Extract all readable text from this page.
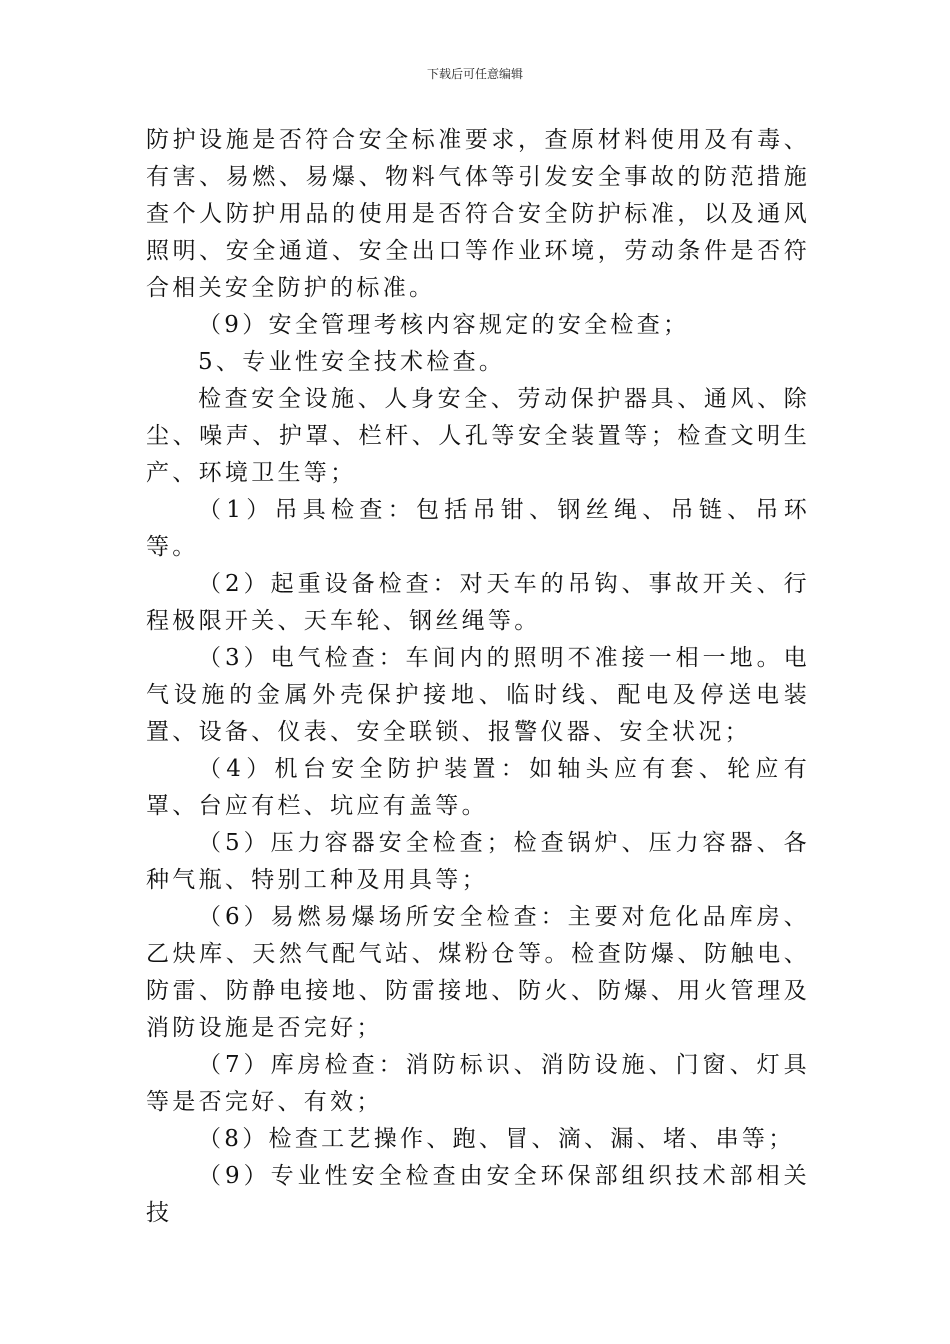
下载后可任意编辑

防护设施是否符合安全标准要求，查原材料使用及有毒、有害、易燃、易爆、物料气体等引发安全事故的防范措施查个人防护用品的使用是否符合安全防护标准，以及通风照明、安全通道、安全出口等作业环境，劳动条件是否符合相关安全防护的标准。

（9）安全管理考核内容规定的安全检查；

5、专业性安全技术检查。

检查安全设施、人身安全、劳动保护器具、通风、除尘、噪声、护罩、栏杆、人孔等安全装置等；检查文明生产、环境卫生等；

（1）吊具检查：包括吊钳、钢丝绳、吊链、吊环等。

（2）起重设备检查：对天车的吊钩、事故开关、行程极限开关、天车轮、钢丝绳等。

（3）电气检查：车间内的照明不准接一相一地。电气设施的金属外壳保护接地、临时线、配电及停送电装置、设备、仪表、安全联锁、报警仪器、安全状况；

（4）机台安全防护装置：如轴头应有套、轮应有罩、台应有栏、坑应有盖等。

（5）压力容器安全检查；检查锅炉、压力容器、各种气瓶、特别工种及用具等；

（6）易燃易爆场所安全检查：主要对危化品库房、乙炔库、天然气配气站、煤粉仓等。检查防爆、防触电、防雷、防静电接地、防雷接地、防火、防爆、用火管理及消防设施是否完好；

（7）库房检查：消防标识、消防设施、门窗、灯具等是否完好、有效；

（8）检查工艺操作、跑、冒、滴、漏、堵、串等；

（9）专业性安全检查由安全环保部组织技术部相关技
